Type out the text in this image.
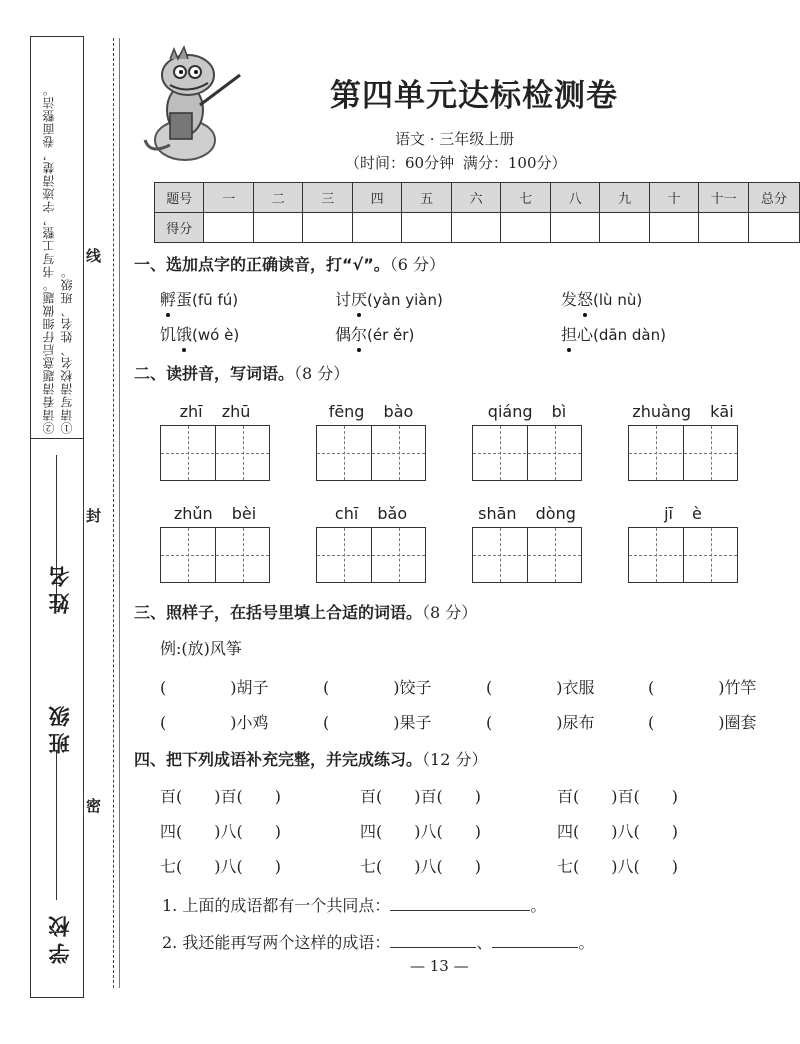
②请看清题意后仔细做题。书写工整，字迹清楚，卷面整洁。 ①请写清校名、姓名、班级。
学校
班级
姓名
密
封
线
第四单元达标检测卷
语文 · 三年级上册
（时间：60分钟 满分：100分）
题号	一	二	三	四	五	六	七	八	九	十	十一	总分
得分												
一、选加点字的正确读音，打“√”。（6 分）
孵蛋(fū fú)	讨厌(yàn yiàn)	发怒(lù nù)
饥饿(wó è)	偶尔(ér ěr)	担心(dān dàn)
二、读拼音，写词语。（8 分）
zhī zhū	fēng bào	qiáng bì	zhuàng kāi
zhǔn bèi	chī bǎo	shān dòng	jī è
三、照样子，在括号里填上合适的词语。（8 分）
例:(放)风筝
(　　　　)胡子	(　　　　)饺子	(　　　　)衣服	(　　　　)竹竿
(　　　　)小鸡	(　　　　)果子	(　　　　)尿布	(　　　　)圈套
四、把下列成语补充完整，并完成练习。（12 分）
百(　　)百(　　)	百(　　)百(　　)	百(　　)百(　　)
四(　　)八(　　)	四(　　)八(　　)	四(　　)八(　　)
七(　　)八(　　)	七(　　)八(　　)	七(　　)八(　　)
1. 上面的成语都有一个共同点：	。
2. 我还能再写两个这样的成语：	、	。
— 13 —
